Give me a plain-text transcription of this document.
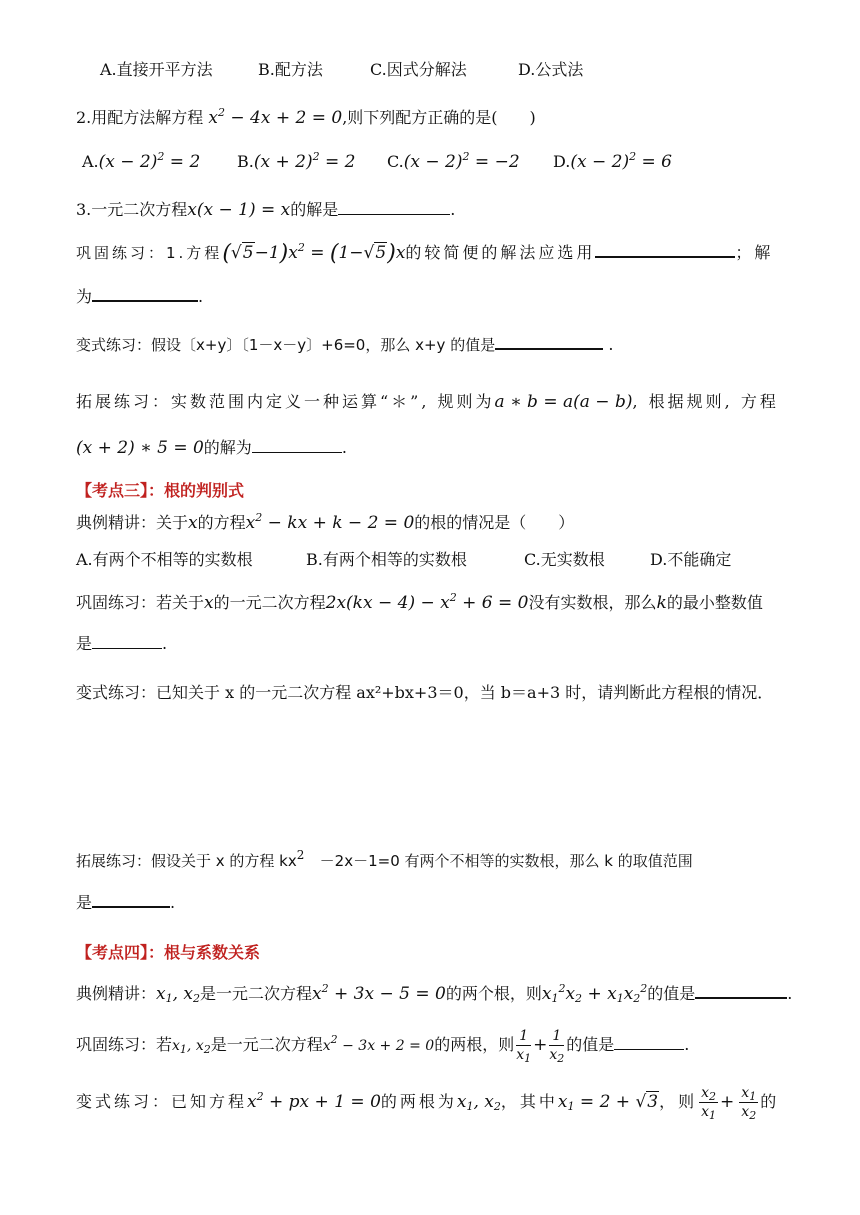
A.直接开平方法	B.配方法	C.因式分解法	D.公式法
2.用配方法解方程 $x^2 - 4x + 2 = 0$,则下列配方正确的是(　　)
$A.(x - 2)^2 = 2$ $B.(x + 2)^2 = 2$ $C.(x - 2)^2 = -2$ $D.(x - 2)^2 = 6$
3.一元二次方程x(x − 1) = x的解是	.
巩固练习：1.方程$(√5-1)x^2 = (1-√5)x$的较简便的解法应选用	；解
为	.
变式练习：假设〔x+y〕〔1－x－y〕+6=0，那么 x+y 的值是	.
拓展练习：实数范围内定义一种运算“＊”, 规则为a ∗ b = a(a − b), 根据规则, 方程
(x + 2) ∗ 5 = 0的解为	.
【考点三】：根的判别式
典例精讲：关于x的方程$x^2$ − kx + k − 2 = 0的根的情况是（　　）
A.有两个不相等的实数根	B.有两个相等的实数根	C.无实数根	D.不能确定
巩固练习：若关于x的一元二次方程$2x(kx - 4) - x^2 + 6 = 0$没有实数根，那么k的最小整数值
是	.
变式练习：已知关于 x 的一元二次方程 ax²+bx+3＝0，当 b＝a+3 时，请判断此方程根的情况．
拓展练习：假设关于 x 的方程 $kx^2 -2x-1=0$ 有两个不相等的实数根，那么 k 的取值范围
是	.
【考点四】：根与系数关系
典例精讲：$x_1$, $x_2$是一元二次方程$x^2 + 3x - 5 = 0$的两个根，则$x_1^2x_2 + x_1x_2^2$的值是	.
巩固练习：若$x_1$, $x_2$是一元二次方程$x^2 - 3x + 2 = 0$的两根，则 $\frac{1}{x_1} + \frac{1}{x_2}$ 的值是	.
变式练习：已知方程$x^2$ + px + 1 = 0的两根为$x_1$, $x_2$，其中$x_1 = 2 + √3$，则 $\frac{x_2}{x_1} + \frac{x_1}{x_2}$ 的
